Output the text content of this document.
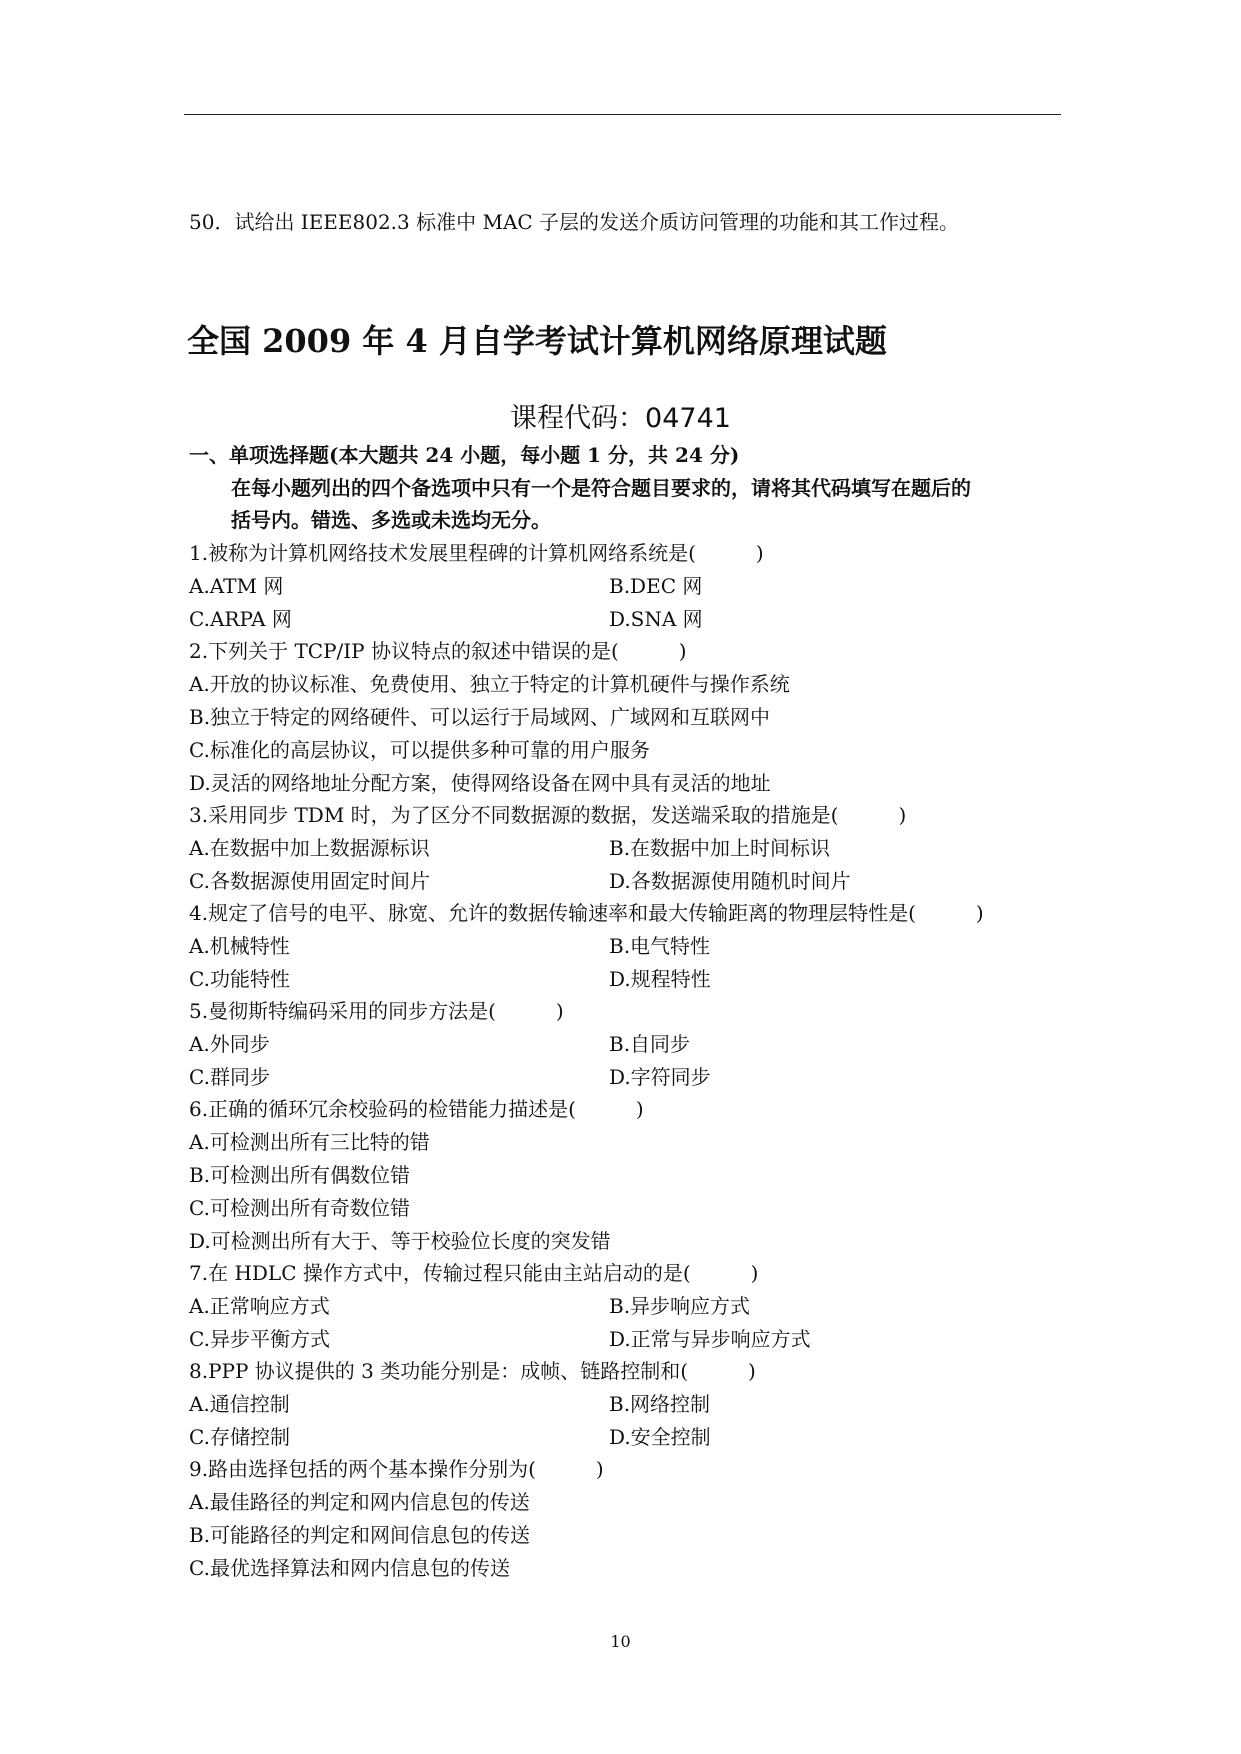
50．试给出 IEEE802.3 标准中 MAC 子层的发送介质访问管理的功能和其工作过程。
全国 2009 年 4 月自学考试计算机网络原理试题
课程代码：04741
一、单项选择题(本大题共 24 小题，每小题 1 分，共 24 分)
在每小题列出的四个备选项中只有一个是符合题目要求的，请将其代码填写在题后的
括号内。错选、多选或未选均无分。
1.被称为计算机网络技术发展里程碑的计算机网络系统是(　　　)
A.ATM 网	B.DEC 网
C.ARPA 网	D.SNA 网
2.下列关于 TCP/IP 协议特点的叙述中错误的是(　　　)
A.开放的协议标准、免费使用、独立于特定的计算机硬件与操作系统
B.独立于特定的网络硬件、可以运行于局域网、广域网和互联网中
C.标准化的高层协议，可以提供多种可靠的用户服务
D.灵活的网络地址分配方案，使得网络设备在网中具有灵活的地址
3.采用同步 TDM 时，为了区分不同数据源的数据，发送端采取的措施是(　　　)
A.在数据中加上数据源标识	B.在数据中加上时间标识
C.各数据源使用固定时间片	D.各数据源使用随机时间片
4.规定了信号的电平、脉宽、允许的数据传输速率和最大传输距离的物理层特性是(　　　)
A.机械特性	B.电气特性
C.功能特性	D.规程特性
5.曼彻斯特编码采用的同步方法是(　　　)
A.外同步	B.自同步
C.群同步	D.字符同步
6.正确的循环冗余校验码的检错能力描述是(　　　)
A.可检测出所有三比特的错
B.可检测出所有偶数位错
C.可检测出所有奇数位错
D.可检测出所有大于、等于校验位长度的突发错
7.在 HDLC 操作方式中，传输过程只能由主站启动的是(　　　)
A.正常响应方式	B.异步响应方式
C.异步平衡方式	D.正常与异步响应方式
8.PPP 协议提供的 3 类功能分别是：成帧、链路控制和(　　　)
A.通信控制	B.网络控制
C.存储控制	D.安全控制
9.路由选择包括的两个基本操作分别为(　　　)
A.最佳路径的判定和网内信息包的传送
B.可能路径的判定和网间信息包的传送
C.最优选择算法和网内信息包的传送
10
